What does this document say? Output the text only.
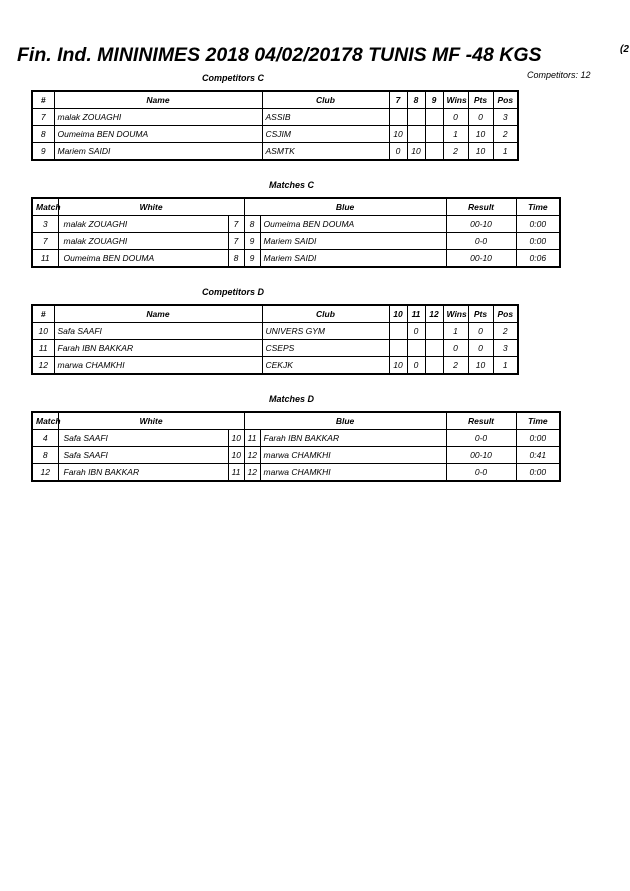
Fin. Ind. MININIMES 2018 04/02/20178 TUNIS MF -48 KGS	(2
Competitors: 12
Competitors C
#	Name	Club	7	8	9	Wins	Pts	Pos
7	malak ZOUAGHI	ASSIB				0	0	3
8	Oumeima BEN DOUMA	CSJIM	10			1	10	2
9	Mariem SAIDI	ASMTK	0	10		2	10	1
Matches C
Match	White		Blue		Result	Time
3	malak ZOUAGHI	7	8	Oumeima BEN DOUMA	00-10	0:00
7	malak ZOUAGHI	7	9	Mariem SAIDI	0-0	0:00
11	Oumeima BEN DOUMA	8	9	Mariem SAIDI	00-10	0:06
Competitors D
#	Name	Club	10	11	12	Wins	Pts	Pos
10	Safa SAAFI	UNIVERS GYM		0		1	0	2
11	Farah IBN BAKKAR	CSEPS				0	0	3
12	marwa CHAMKHI	CEKJK	10	0		2	10	1
Matches D
Match	White		Blue		Result	Time
4	Safa SAAFI	10	11	Farah IBN BAKKAR	0-0	0:00
8	Safa SAAFI	10	12	marwa CHAMKHI	00-10	0:41
12	Farah IBN BAKKAR	11	12	marwa CHAMKHI	0-0	0:00
